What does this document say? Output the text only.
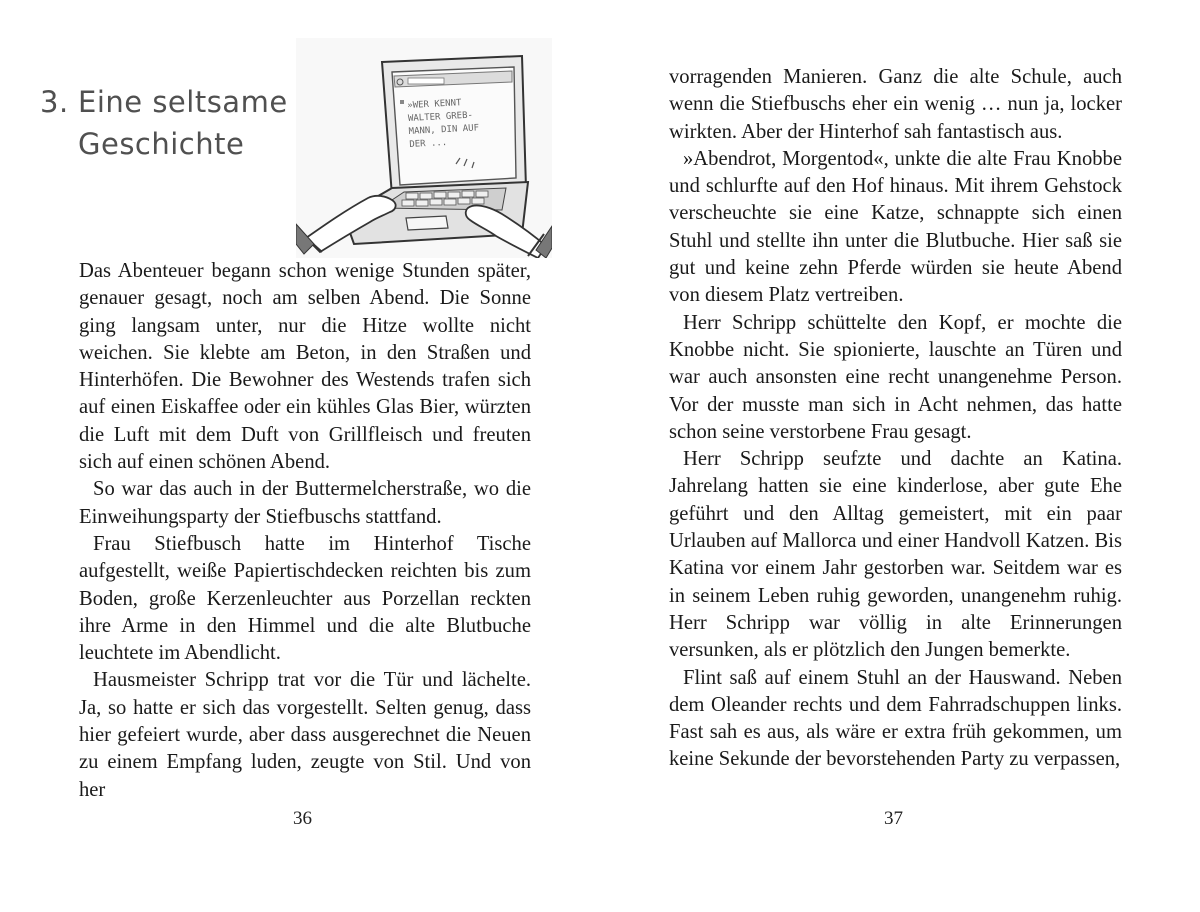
3. Eine seltsame
Geschichte
»WER KENNT
WALTER GREB-
MANN, DIN AUF
DER ...

Das Abenteuer begann schon wenige Stunden später, genauer gesagt, noch am selben Abend. Die Sonne ging langsam unter, nur die Hitze wollte nicht weichen. Sie klebte am Beton, in den Straßen und Hinterhöfen. Die Bewohner des Westends trafen sich auf einen Eiskaffee oder ein kühles Glas Bier, würzten die Luft mit dem Duft von Grillfleisch und freuten sich auf einen schönen Abend.

So war das auch in der Buttermelcherstraße, wo die Einweihungsparty der Stiefbuschs stattfand.

Frau Stiefbusch hatte im Hinterhof Tische aufgestellt, weiße Papiertischdecken reichten bis zum Boden, große Kerzenleuchter aus Porzellan reckten ihre Arme in den Himmel und die alte Blutbuche leuchtete im Abendlicht.

Hausmeister Schripp trat vor die Tür und lächelte. Ja, so hatte er sich das vorgestellt. Selten genug, dass hier gefeiert wurde, aber dass ausgerechnet die Neuen zu einem Empfang luden, zeugte von Stil. Und von her

36

vorragenden Manieren. Ganz die alte Schule, auch wenn die Stiefbuschs eher ein wenig … nun ja, locker wirkten. Aber der Hinterhof sah fantastisch aus.

»Abendrot, Morgentod«, unkte die alte Frau Knobbe und schlurfte auf den Hof hinaus. Mit ihrem Gehstock verscheuchte sie eine Katze, schnappte sich einen Stuhl und stellte ihn unter die Blutbuche. Hier saß sie gut und keine zehn Pferde würden sie heute Abend von diesem Platz vertreiben.

Herr Schripp schüttelte den Kopf, er mochte die Knobbe nicht. Sie spionierte, lauschte an Türen und war auch ansonsten eine recht unangenehme Person. Vor der musste man sich in Acht nehmen, das hatte schon seine verstorbene Frau gesagt.

Herr Schripp seufzte und dachte an Katina. Jahrelang hatten sie eine kinderlose, aber gute Ehe geführt und den Alltag gemeistert, mit ein paar Urlauben auf Mallorca und einer Handvoll Katzen. Bis Katina vor einem Jahr gestorben war. Seitdem war es in seinem Leben ruhig geworden, unangenehm ruhig. Herr Schripp war völlig in alte Erinnerungen versunken, als er plötzlich den Jungen bemerkte.

Flint saß auf einem Stuhl an der Hauswand. Neben dem Oleander rechts und dem Fahrradschuppen links. Fast sah es aus, als wäre er extra früh gekommen, um keine Sekunde der bevorstehenden Party zu verpassen,

37
